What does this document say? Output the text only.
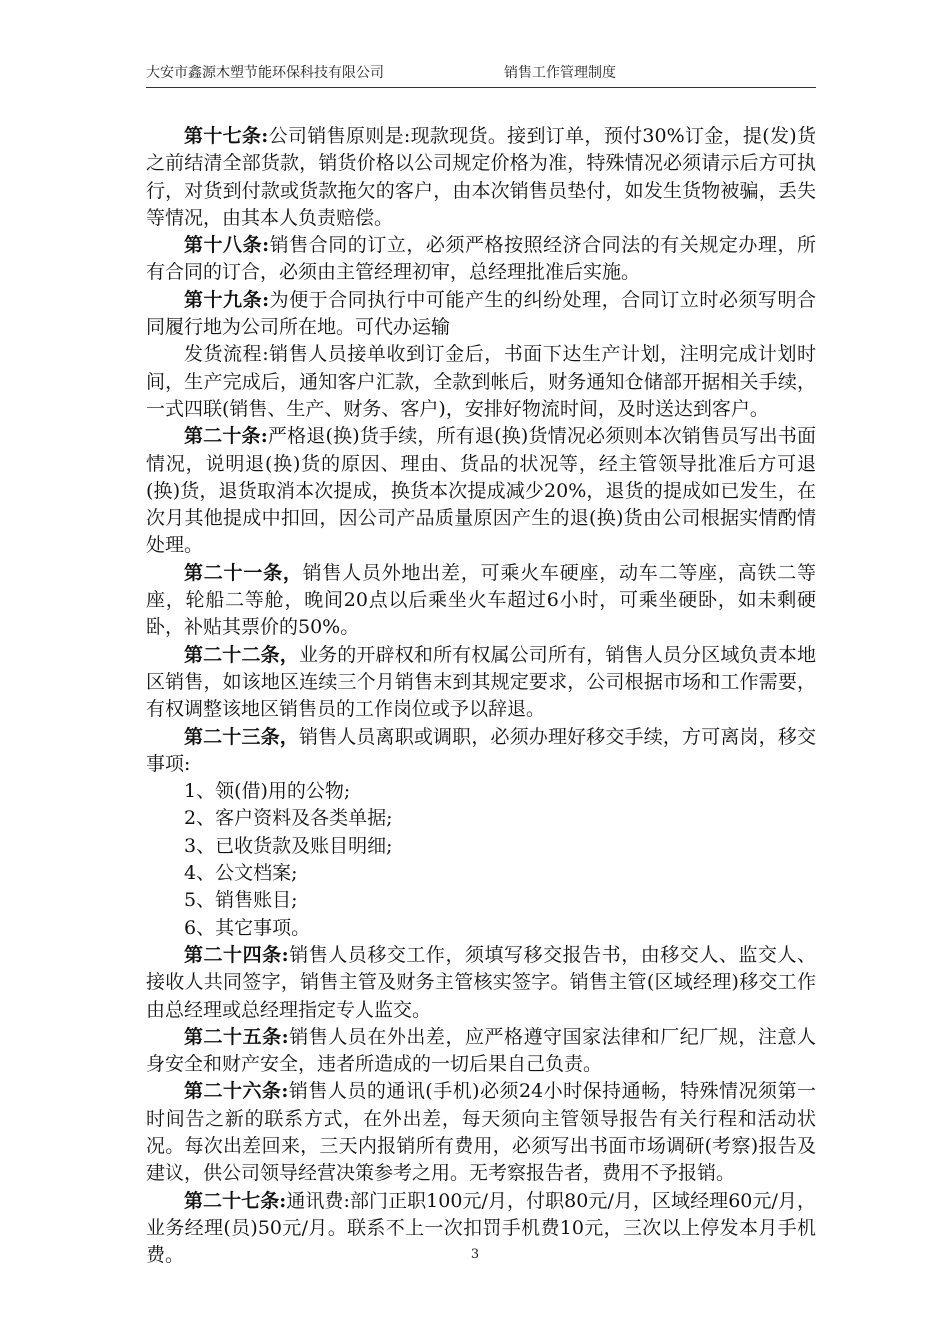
大安市鑫源木塑节能环保科技有限公司	销售工作管理制度

第十七条:公司销售原则是:现款现货。接到订单，预付30%订金，提(发)货之前结清全部货款，销货价格以公司规定价格为准，特殊情况必须请示后方可执行，对货到付款或货款拖欠的客户，由本次销售员垫付，如发生货物被骗，丢失等情况，由其本人负责赔偿。

第十八条:销售合同的订立，必须严格按照经济合同法的有关规定办理，所有合同的订合，必须由主管经理初审，总经理批准后实施。

第十九条:为便于合同执行中可能产生的纠纷处理，合同订立时必须写明合同履行地为公司所在地。可代办运输

发货流程:销售人员接单收到订金后，书面下达生产计划，注明完成计划时间，生产完成后，通知客户汇款，全款到帐后，财务通知仓储部开据相关手续，一式四联(销售、生产、财务、客户)，安排好物流时间，及时送达到客户。

第二十条:严格退(换)货手续，所有退(换)货情况必须则本次销售员写出书面情况，说明退(换)货的原因、理由、货品的状况等，经主管领导批准后方可退(换)货，退货取消本次提成，换货本次提成减少20%，退货的提成如已发生，在次月其他提成中扣回，因公司产品质量原因产生的退(换)货由公司根据实情酌情处理。

第二十一条，销售人员外地出差，可乘火车硬座，动车二等座，高铁二等座，轮船二等舱，晚间20点以后乘坐火车超过6小时，可乘坐硬卧，如未剩硬卧，补贴其票价的50%。

第二十二条，业务的开辟权和所有权属公司所有，销售人员分区域负责本地区销售，如该地区连续三个月销售末到其规定要求，公司根据市场和工作需要，有权调整该地区销售员的工作岗位或予以辞退。

第二十三条，销售人员离职或调职，必须办理好移交手续，方可离岗，移交事项:

1、领(借)用的公物;

2、客户资料及各类单据;

3、已收货款及账目明细;

4、公文档案;

5、销售账目;

6、其它事项。

第二十四条:销售人员移交工作，须填写移交报告书，由移交人、监交人、接收人共同签字，销售主管及财务主管核实签字。销售主管(区域经理)移交工作由总经理或总经理指定专人监交。

第二十五条:销售人员在外出差，应严格遵守国家法律和厂纪厂规，注意人身安全和财产安全，违者所造成的一切后果自己负责。

第二十六条:销售人员的通讯(手机)必须24小时保持通畅，特殊情况须第一时间告之新的联系方式，在外出差，每天须向主管领导报告有关行程和活动状况。每次出差回来，三天内报销所有费用，必须写出书面市场调研(考察)报告及建议，供公司领导经营决策参考之用。无考察报告者，费用不予报销。

第二十七条:通讯费:部门正职100元/月，付职80元/月，区域经理60元/月，业务经理(员)50元/月。联系不上一次扣罚手机费10元，三次以上停发本月手机费。	3
